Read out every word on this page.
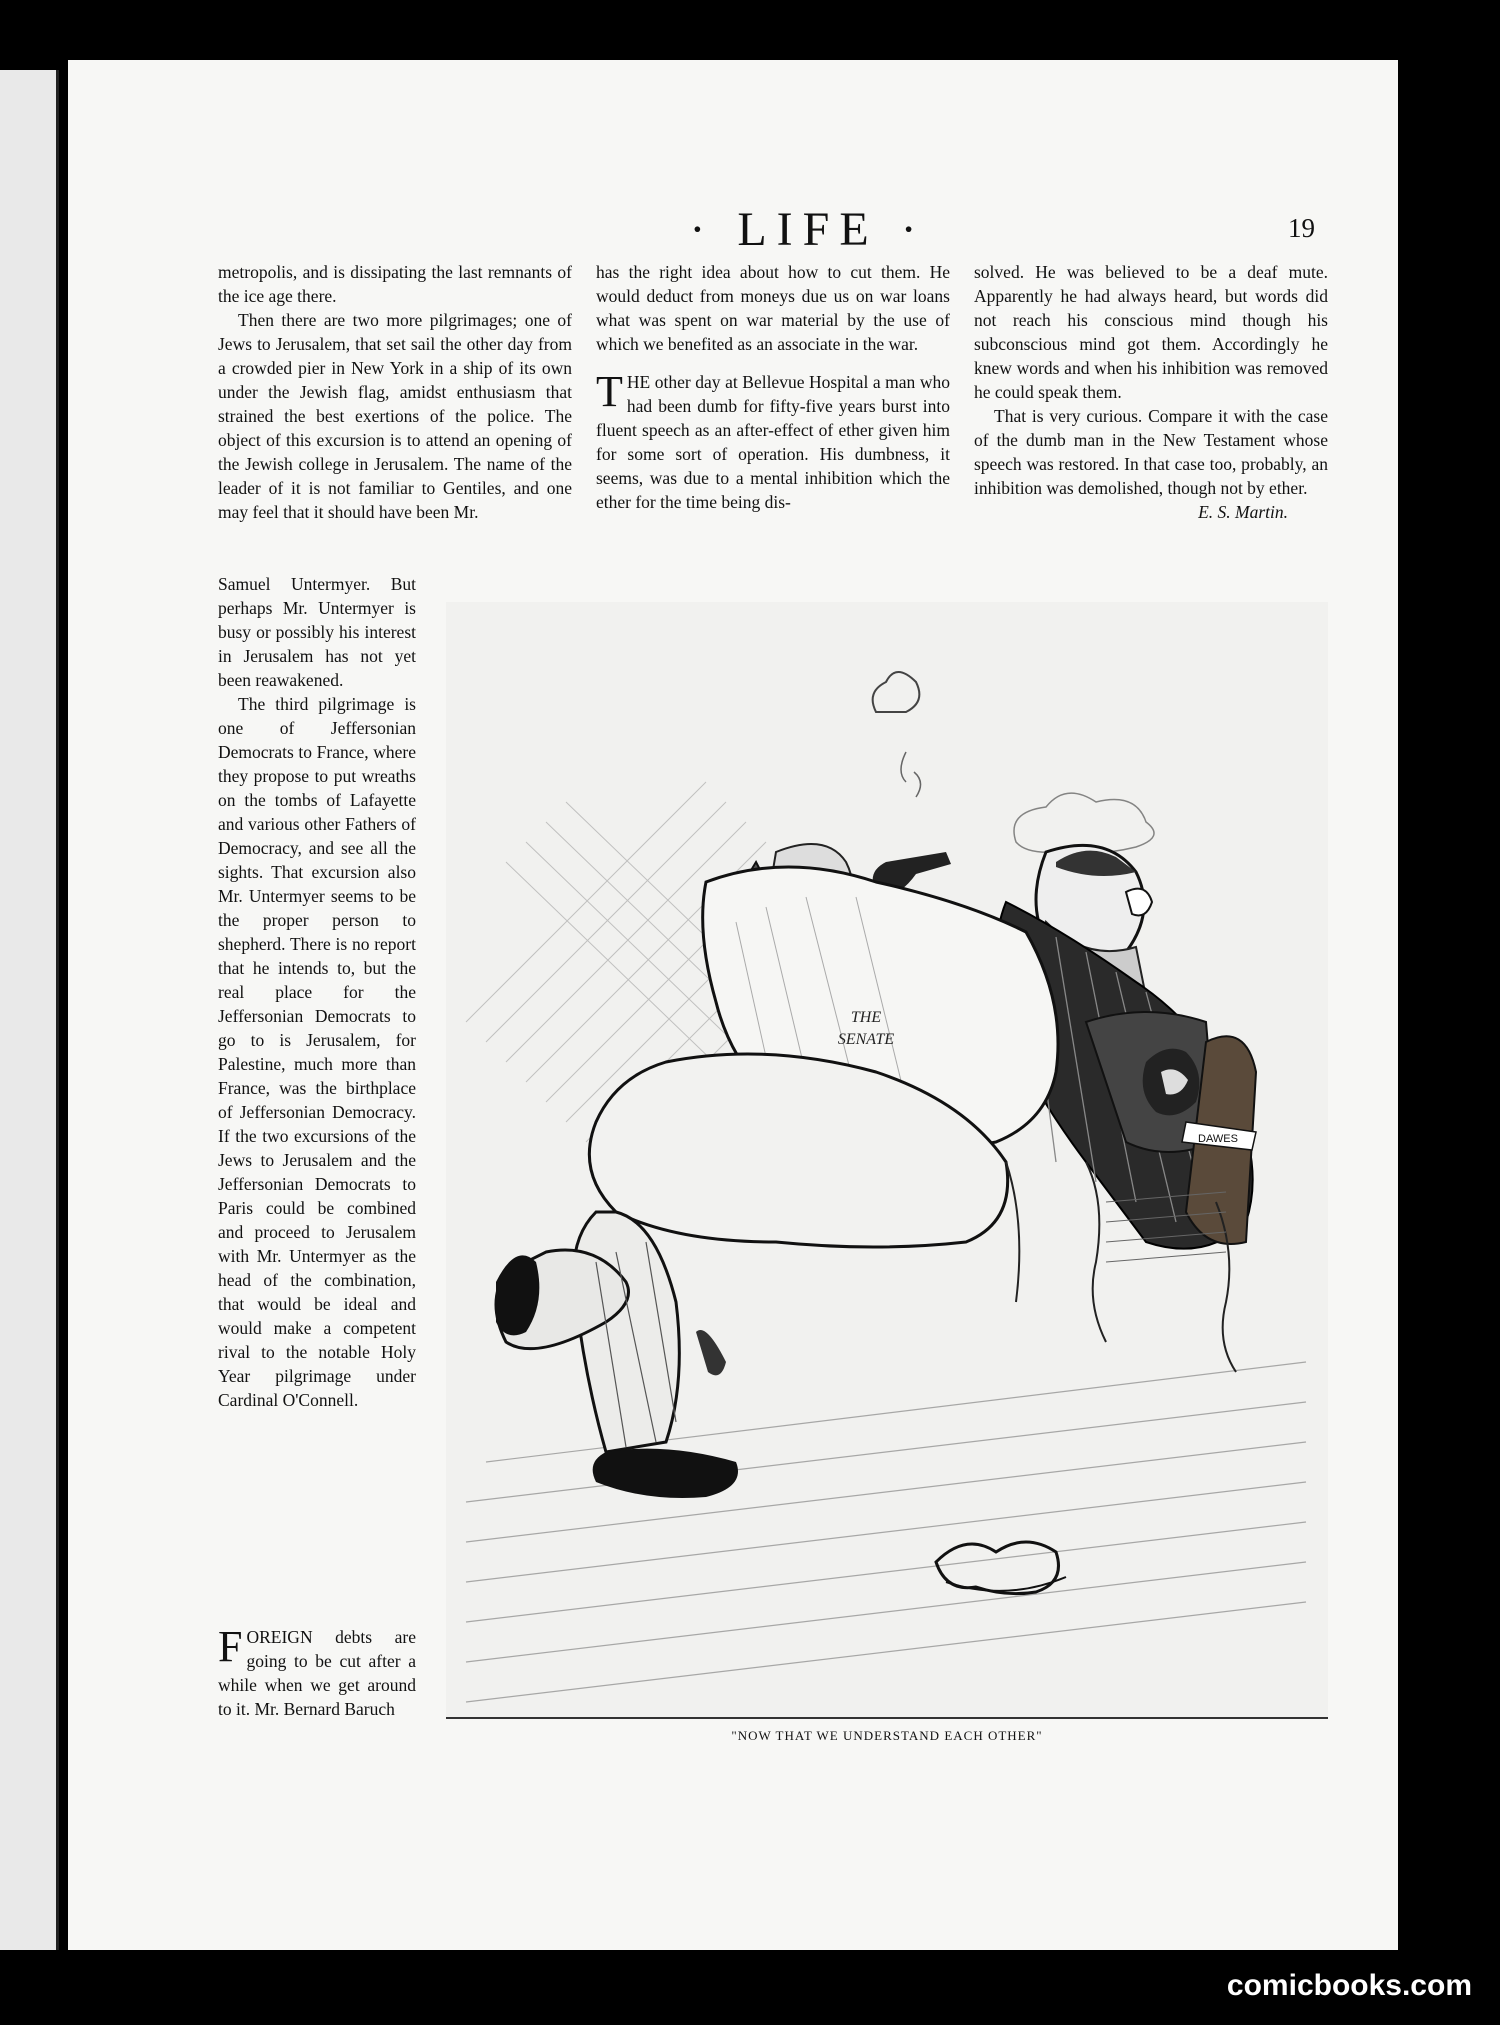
· LIFE ·	19

metropolis, and is dissipating the last remnants of the ice age there.

Then there are two more pilgrimages; one of Jews to Jerusalem, that set sail the other day from a crowded pier in New York in a ship of its own under the Jewish flag, amidst enthusiasm that strained the best exertions of the police. The object of this excursion is to attend an opening of the Jewish college in Jerusalem. The name of the leader of it is not familiar to Gentiles, and one may feel that it should have been Mr.

Samuel Untermyer. But perhaps Mr. Untermyer is busy or possibly his interest in Jerusalem has not yet been reawakened.

The third pilgrimage is one of Jeffersonian Democrats to France, where they propose to put wreaths on the tombs of Lafayette and various other Fathers of Democracy, and see all the sights. That excursion also Mr. Untermyer seems to be the proper person to shepherd. There is no report that he intends to, but the real place for the Jeffersonian Democrats to go to is Jerusalem, for Palestine, much more than France, was the birthplace of Jeffersonian Democracy. If the two excursions of the Jews to Jerusalem and the Jeffersonian Democrats to Paris could be combined and proceed to Jerusalem with Mr. Untermyer as the head of the combination, that would be ideal and would make a competent rival to the notable Holy Year pilgrimage under Cardinal O'Connell.

FOREIGN debts are going to be cut after a while when we get around to it. Mr. Bernard Baruch

has the right idea about how to cut them. He would deduct from moneys due us on war loans what was spent on war material by the use of which we benefited as an associate in the war.

THE other day at Bellevue Hospital a man who had been dumb for fifty-five years burst into fluent speech as an after-effect of ether given him for some sort of operation. His dumbness, it seems, was due to a mental inhibition which the ether for the time being dis-

solved. He was believed to be a deaf mute. Apparently he had always heard, but words did not reach his conscious mind though his subconscious mind got them. Accordingly he knew words and when his inhibition was removed he could speak them.

That is very curious. Compare it with the case of the dumb man in the New Testament whose speech was restored. In that case too, probably, an inhibition was demolished, though not by ether.

E. S. Martin.

THE
SENATE
DAWES
"NOW THAT WE UNDERSTAND EACH OTHER"
comicbooks.com
